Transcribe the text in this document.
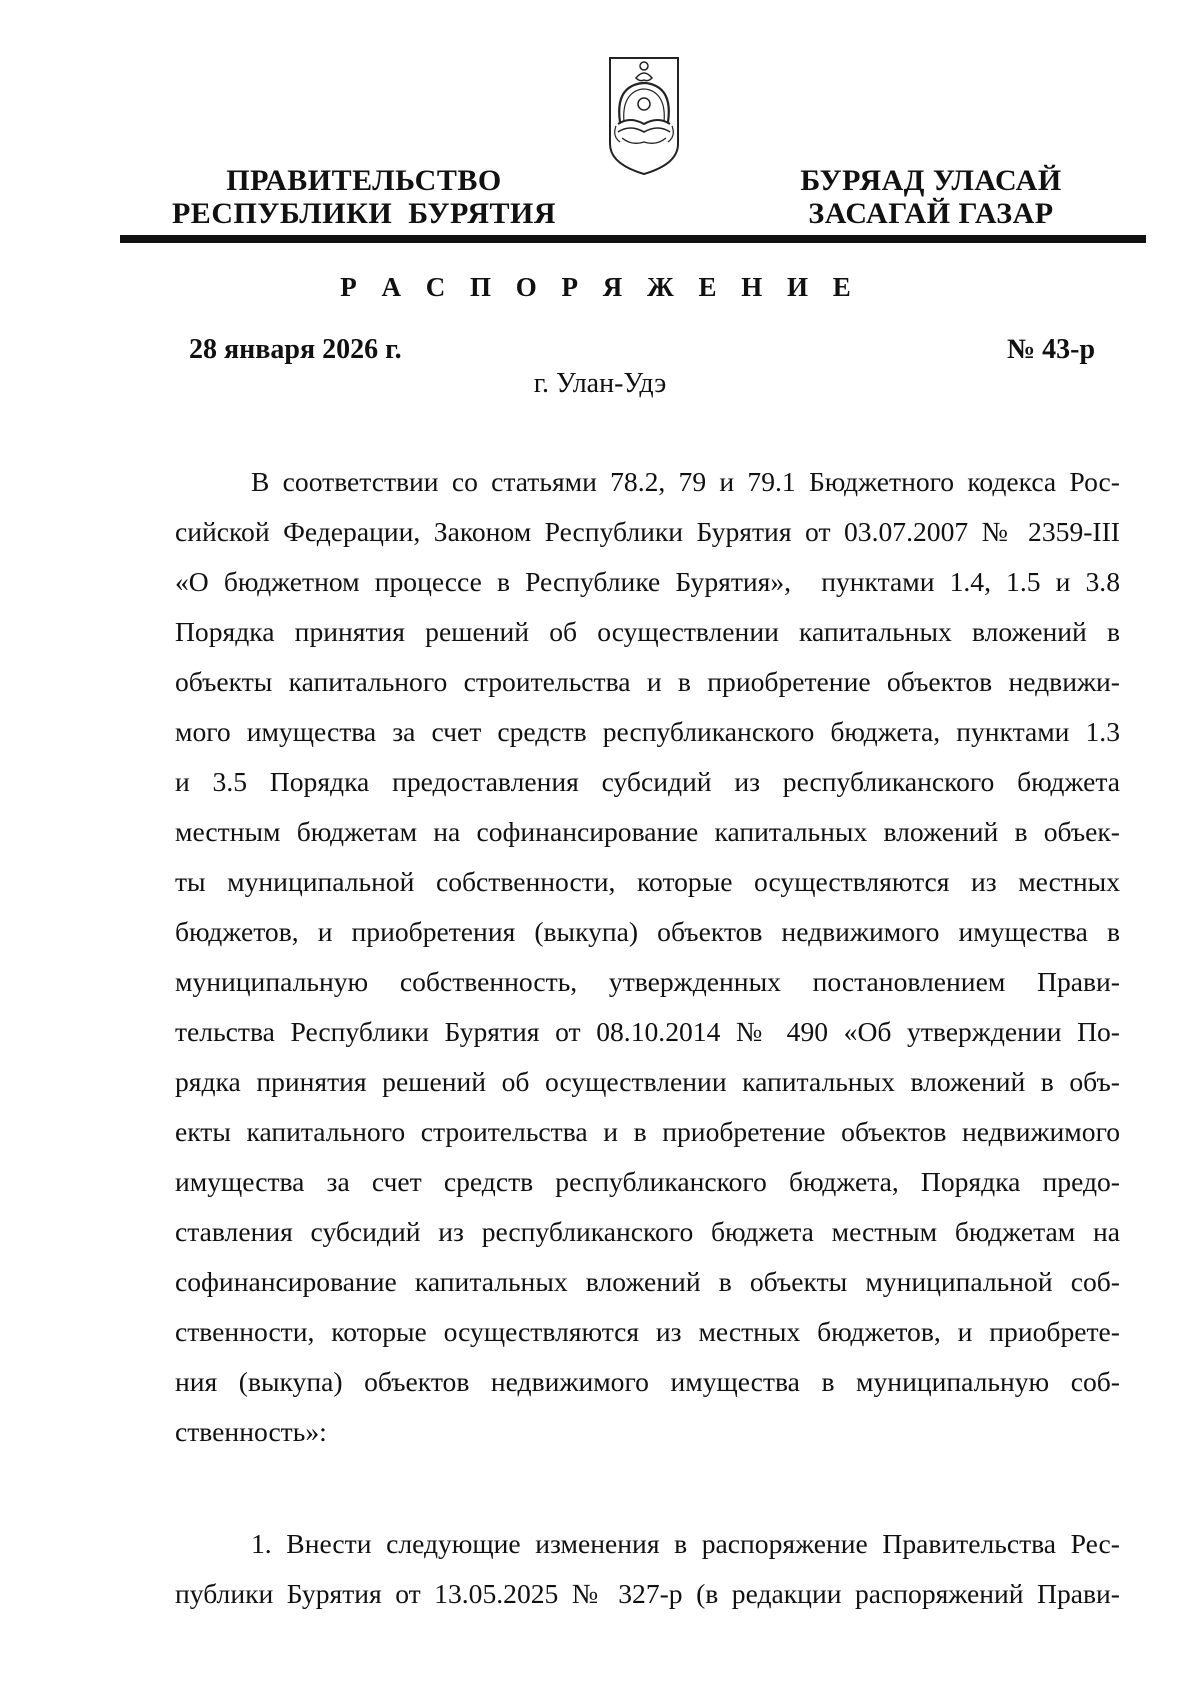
ПРАВИТЕЛЬСТВО
РЕСПУБЛИКИ  БУРЯТИЯ
БУРЯАД УЛАСАЙ
ЗАСАГАЙ ГАЗАР
Р А С П О Р Я Ж Е Н И Е
28 января 2026 г.	№ 43-р
г. Улан-Удэ
В соответствии со статьями 78.2, 79 и 79.1 Бюджетного кодекса Рос-
сийской Федерации, Законом Республики Бурятия от 03.07.2007 № 2359-III
«О бюджетном процессе в Республике Бурятия»,  пунктами 1.4, 1.5 и 3.8
Порядка принятия решений об осуществлении капитальных вложений в
объекты капитального строительства и в приобретение объектов недвижи-
мого имущества за счет средств республиканского бюджета, пунктами 1.3
и 3.5 Порядка предоставления субсидий из республиканского бюджета
местным бюджетам на софинансирование капитальных вложений в объек-
ты муниципальной собственности, которые осуществляются из местных
бюджетов, и приобретения (выкупа) объектов недвижимого имущества в
муниципальную собственность, утвержденных постановлением Прави-
тельства Республики Бурятия от 08.10.2014 № 490 «Об утверждении По-
рядка принятия решений об осуществлении капитальных вложений в объ-
екты капитального строительства и в приобретение объектов недвижимого
имущества за счет средств республиканского бюджета, Порядка предо-
ставления субсидий из республиканского бюджета местным бюджетам на
софинансирование капитальных вложений в объекты муниципальной соб-
ственности, которые осуществляются из местных бюджетов, и приобрете-
ния (выкупа) объектов недвижимого имущества в муниципальную соб-
ственность»:
1. Внести следующие изменения в распоряжение Правительства Рес-
публики Бурятия от 13.05.2025 № 327-р (в редакции распоряжений Прави-
